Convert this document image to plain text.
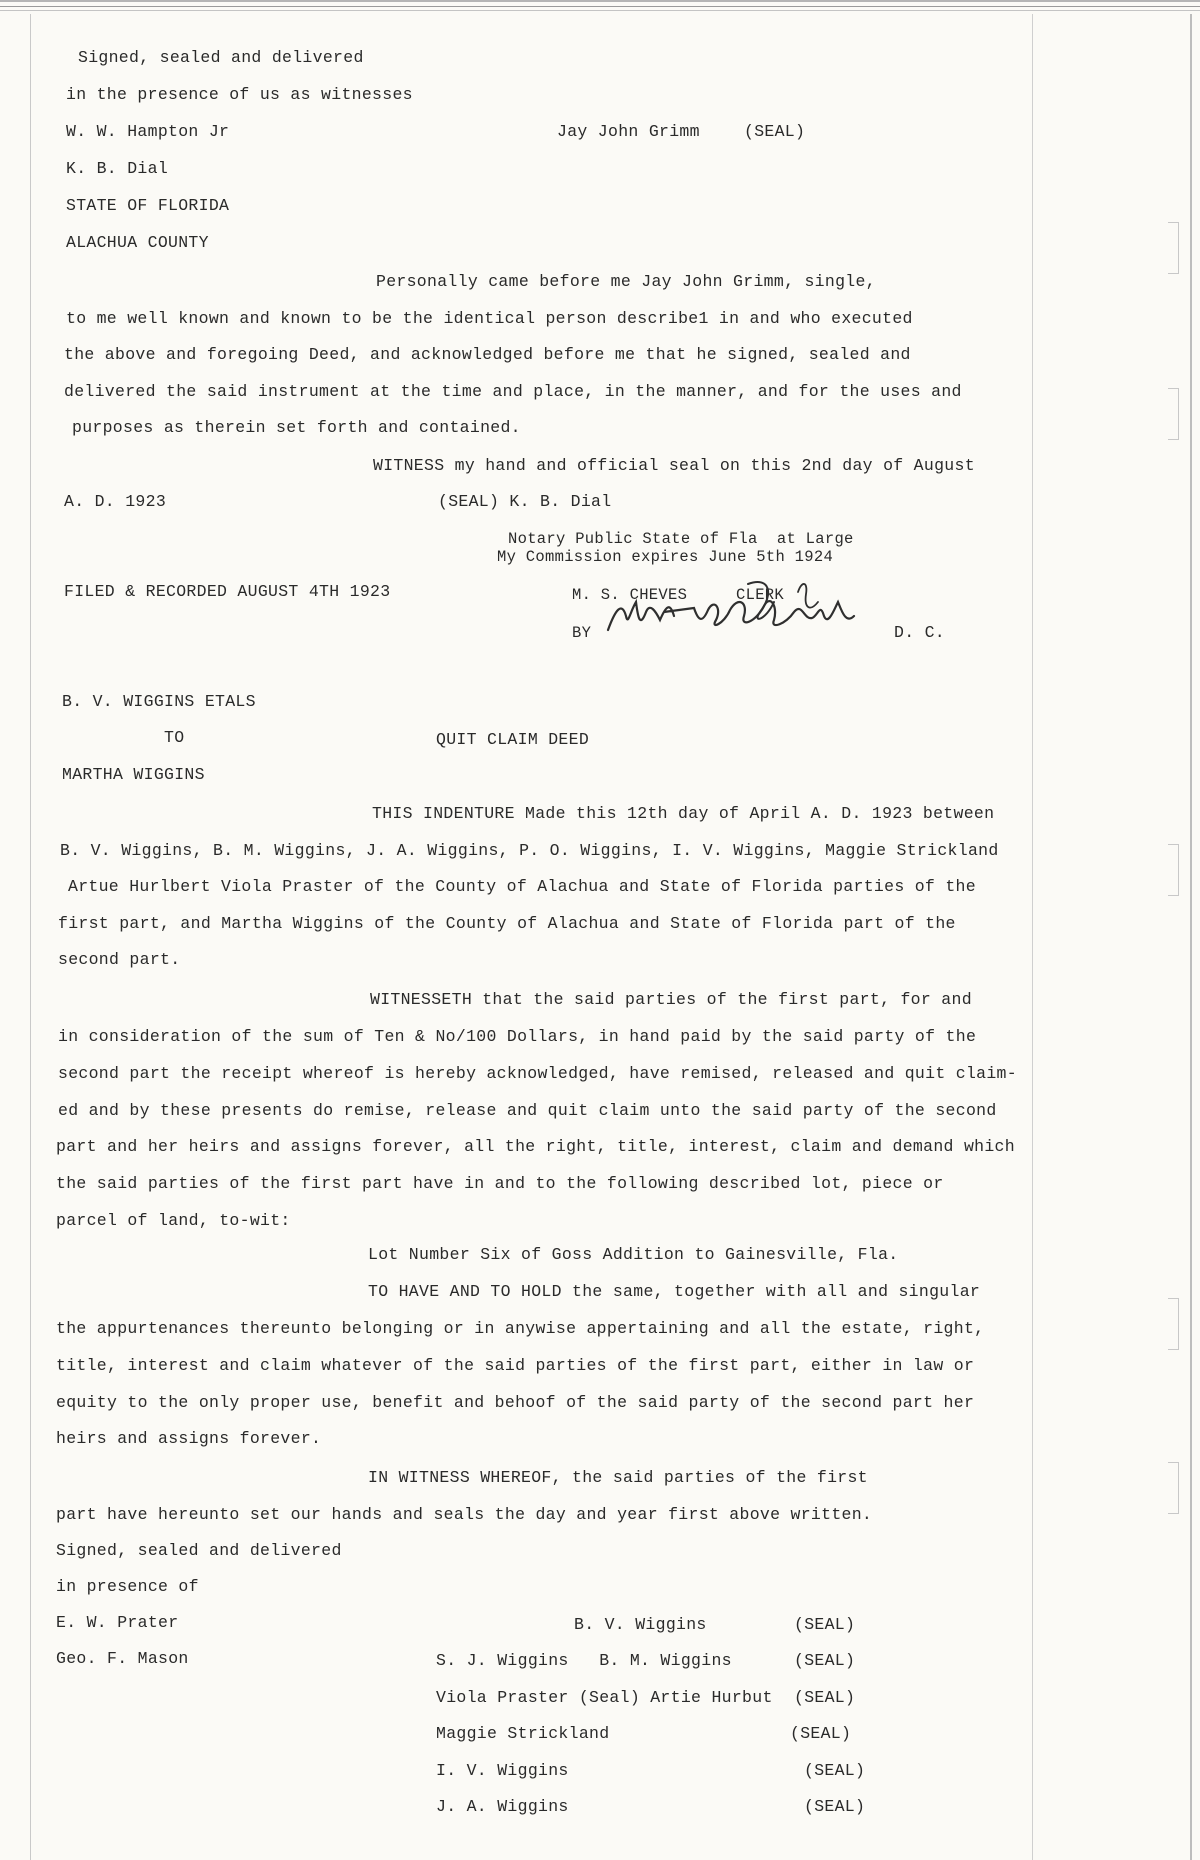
Signed, sealed and delivered
in the presence of us as witnesses
W. W. Hampton Jr	Jay John Grimm	(SEAL)
K. B. Dial
STATE OF FLORIDA
ALACHUA COUNTY
Personally came before me Jay John Grimm, single,
to me well known and known to be the identical person describe1 in and who executed
the above and foregoing Deed, and acknowledged before me that he signed, sealed and
delivered the said instrument at the time and place, in the manner, and for the uses and
purposes as therein set forth and contained.
WITNESS my hand and official seal on this 2nd day of August
A. D. 1923	(SEAL) K. B. Dial
Notary Public State of Fla  at Large
My Commission expires June 5th 1924
FILED & RECORDED AUGUST 4TH 1923	M. S. CHEVES	CLERK
BY	D. C.
B. V. WIGGINS ETALS
TO	QUIT CLAIM DEED
MARTHA WIGGINS
THIS INDENTURE Made this 12th day of April A. D. 1923 between
B. V. Wiggins, B. M. Wiggins, J. A. Wiggins, P. O. Wiggins, I. V. Wiggins, Maggie Strickland
Artue Hurlbert Viola Praster of the County of Alachua and State of Florida parties of the
first part, and Martha Wiggins of the County of Alachua and State of Florida part of the
second part.
WITNESSETH that the said parties of the first part, for and
in consideration of the sum of Ten & No/100 Dollars, in hand paid by the said party of the
second part the receipt whereof is hereby acknowledged, have remised, released and quit claim-
ed and by these presents do remise, release and quit claim unto the said party of the second
part and her heirs and assigns forever, all the right, title, interest, claim and demand which
the said parties of the first part have in and to the following described lot, piece or
parcel of land, to-wit:
Lot Number Six of Goss Addition to Gainesville, Fla.
TO HAVE AND TO HOLD the same, together with all and singular
the appurtenances thereunto belonging or in anywise appertaining and all the estate, right,
title, interest and claim whatever of the said parties of the first part, either in law or
equity to the only proper use, benefit and behoof of the said party of the second part her
heirs and assigns forever.
IN WITNESS WHEREOF, the said parties of the first
part have hereunto set our hands and seals the day and year first above written.
Signed, sealed and delivered
in presence of
E. W. Prater
Geo. F. Mason
B. V. Wiggins	(SEAL)
S. J. Wiggins   B. M. Wiggins	(SEAL)
Viola Praster (Seal) Artie Hurbut (SEAL)
Maggie Strickland	(SEAL)
I. V. Wiggins	(SEAL)
J. A. Wiggins	(SEAL)
